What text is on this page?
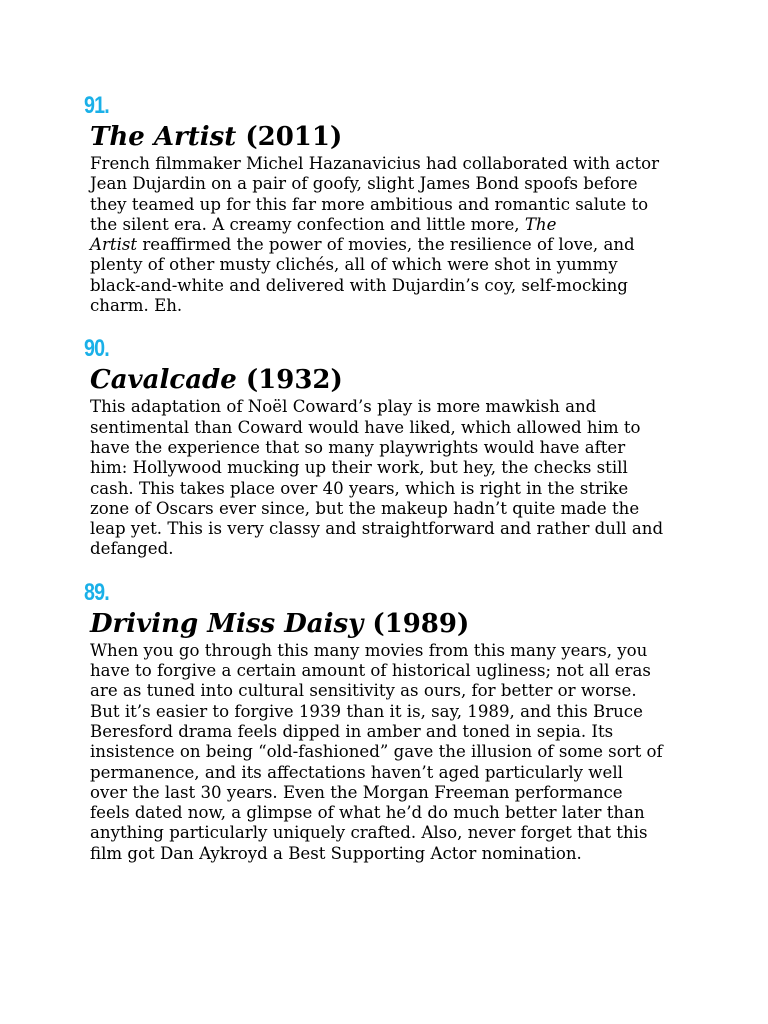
91.
The Artist (2011)

French filmmaker Michel Hazanavicius had collaborated with actor
Jean Dujardin on a pair of goofy, slight James Bond spoofs before
they teamed up for this far more ambitious and romantic salute to
the silent era. A creamy confection and little more, The
Artist reaffirmed the power of movies, the resilience of love, and
plenty of other musty clichés, all of which were shot in yummy
black-and-white and delivered with Dujardin’s coy, self-mocking
charm. Eh.

90.
Cavalcade (1932)

This adaptation of Noël Coward’s play is more mawkish and
sentimental than Coward would have liked, which allowed him to
have the experience that so many playwrights would have after
him: Hollywood mucking up their work, but hey, the checks still
cash. This takes place over 40 years, which is right in the strike
zone of Oscars ever since, but the makeup hadn’t quite made the
leap yet. This is very classy and straightforward and rather dull and
defanged.

89.
Driving Miss Daisy (1989)

When you go through this many movies from this many years, you
have to forgive a certain amount of historical ugliness; not all eras
are as tuned into cultural sensitivity as ours, for better or worse.
But it’s easier to forgive 1939 than it is, say, 1989, and this Bruce
Beresford drama feels dipped in amber and toned in sepia. Its
insistence on being “old-fashioned” gave the illusion of some sort of
permanence, and its affectations haven’t aged particularly well
over the last 30 years. Even the Morgan Freeman performance
feels dated now, a glimpse of what he’d do much better later than
anything particularly uniquely crafted. Also, never forget that this
film got Dan Aykroyd a Best Supporting Actor nomination.
